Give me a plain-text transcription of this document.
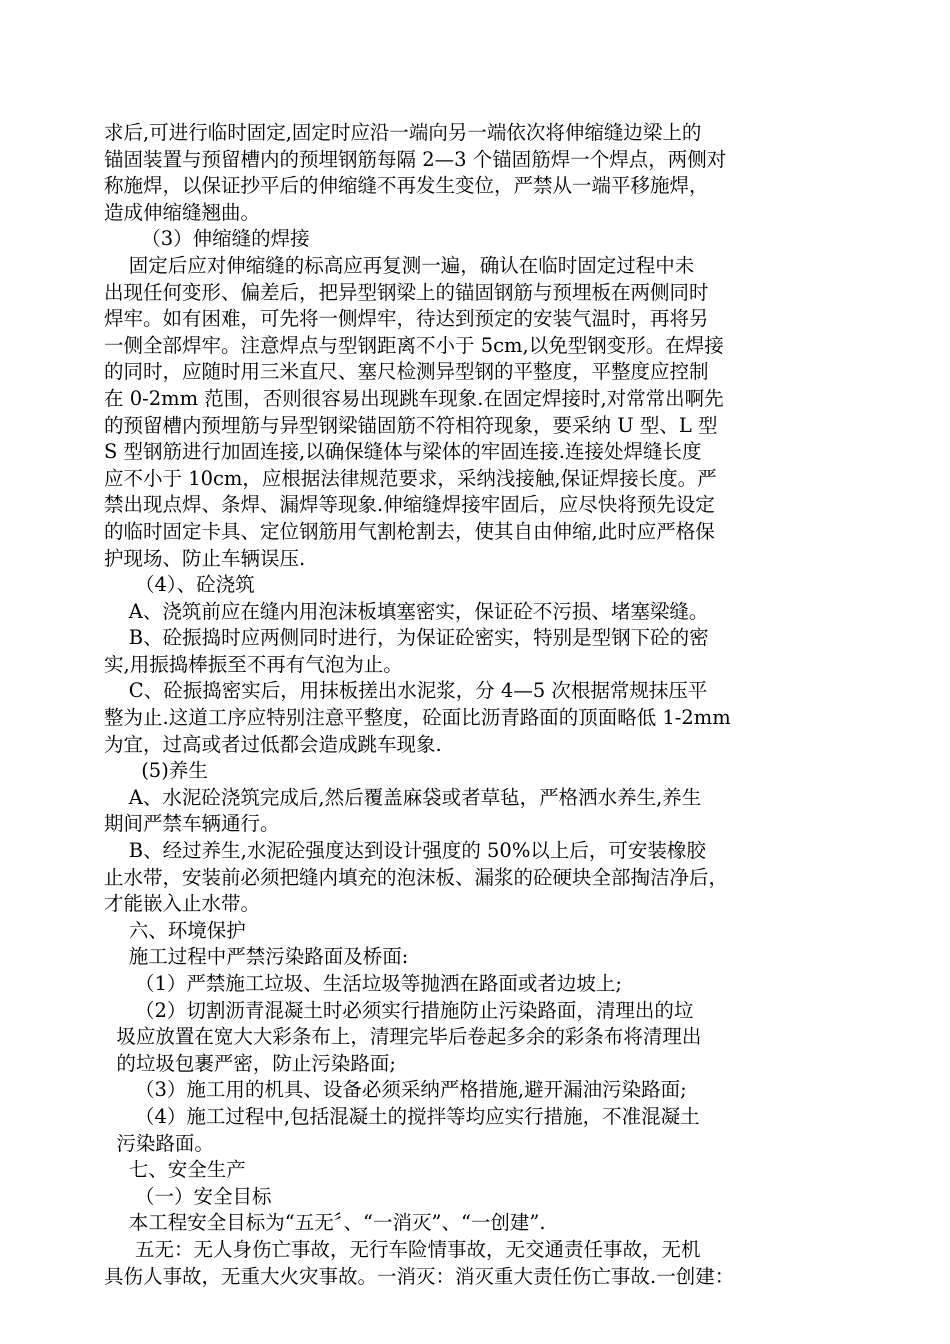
求后,可进行临时固定,固定时应沿一端向另一端依次将伸缩缝边梁上的
锚固装置与预留槽内的预埋钢筋每隔 2—3 个锚固筋焊一个焊点，两侧对
称施焊，以保证抄平后的伸缩缝不再发生变位，严禁从一端平移施焊，
造成伸缩缝翘曲。
（3）伸缩缝的焊接
固定后应对伸缩缝的标高应再复测一遍，确认在临时固定过程中未
出现任何变形、偏差后，把异型钢梁上的锚固钢筋与预埋板在两侧同时
焊牢。如有困难，可先将一侧焊牢，待达到预定的安装气温时，再将另
一侧全部焊牢。注意焊点与型钢距离不小于 5cm,以免型钢变形。在焊接
的同时，应随时用三米直尺、塞尺检测异型钢的平整度，平整度应控制
在 0-2mm 范围，否则很容易出现跳车现象.在固定焊接时,对常常出啊先
的预留槽内预埋筋与异型钢梁锚固筋不符相符现象，要采纳 U 型、L 型
S 型钢筋进行加固连接,以确保缝体与梁体的牢固连接.连接处焊缝长度
应不小于 10cm，应根据法律规范要求，采纳浅接触,保证焊接长度。严
禁出现点焊、条焊、漏焊等现象.伸缩缝焊接牢固后，应尽快将预先设定
的临时固定卡具、定位钢筋用气割枪割去，使其自由伸缩,此时应严格保
护现场、防止车辆误压.
（4）、砼浇筑
A、浇筑前应在缝内用泡沫板填塞密实，保证砼不污损、堵塞梁缝。
B、砼振捣时应两侧同时进行，为保证砼密实，特别是型钢下砼的密
实,用振捣棒振至不再有气泡为止。
C、砼振捣密实后，用抹板搓出水泥浆，分 4—5 次根据常规抹压平
整为止.这道工序应特别注意平整度，砼面比沥青路面的顶面略低 1-2mm
为宜，过高或者过低都会造成跳车现象.
(5)养生
A、水泥砼浇筑完成后,然后覆盖麻袋或者草毡，严格洒水养生,养生
期间严禁车辆通行。
B、经过养生,水泥砼强度达到设计强度的 50%以上后，可安装橡胶
止水带，安装前必须把缝内填充的泡沫板、漏浆的砼硬块全部掏洁净后，
才能嵌入止水带。
六、环境保护
施工过程中严禁污染路面及桥面:
（1）严禁施工垃圾、生活垃圾等抛洒在路面或者边坡上;
（2）切割沥青混凝土时必须实行措施防止污染路面，清理出的垃
圾应放置在宽大大彩条布上，清理完毕后卷起多余的彩条布将清理出
的垃圾包裹严密，防止污染路面;
（3）施工用的机具、设备必须采纳严格措施,避开漏油污染路面;
（4）施工过程中,包括混凝土的搅拌等均应实行措施，不准混凝土
污染路面。
七、安全生产
（一）安全目标
本工程安全目标为“五无〞、“一消灭”、“一创建”.
五无：无人身伤亡事故，无行车险情事故，无交通责任事故，无机
具伤人事故，无重大火灾事故。一消灭：消灭重大责任伤亡事故.一创建：
